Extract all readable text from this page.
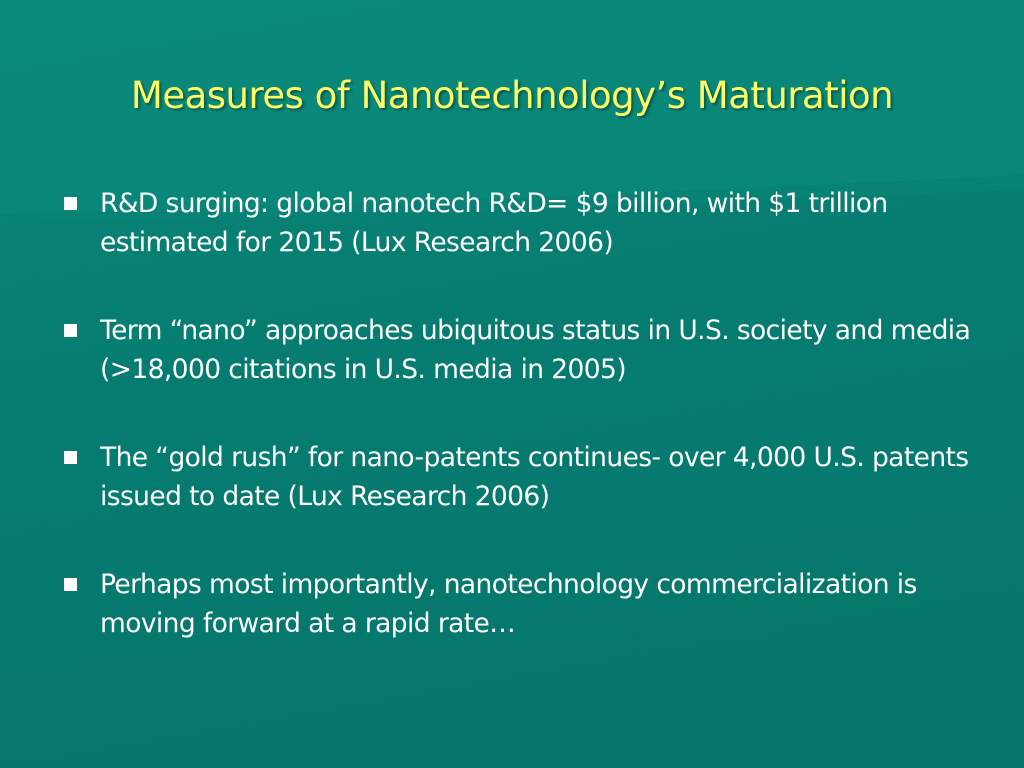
Measures of Nanotechnology’s Maturation
R&D surging: global nanotech R&D= $9 billion, with $1 trillion estimated for 2015 (Lux Research 2006)
Term “nano” approaches ubiquitous status in U.S. society and media (>18,000 citations in U.S. media in 2005)
The “gold rush” for nano-patents continues- over 4,000 U.S. patents issued to date (Lux Research 2006)
Perhaps most importantly, nanotechnology commercialization is moving forward at a rapid rate…
